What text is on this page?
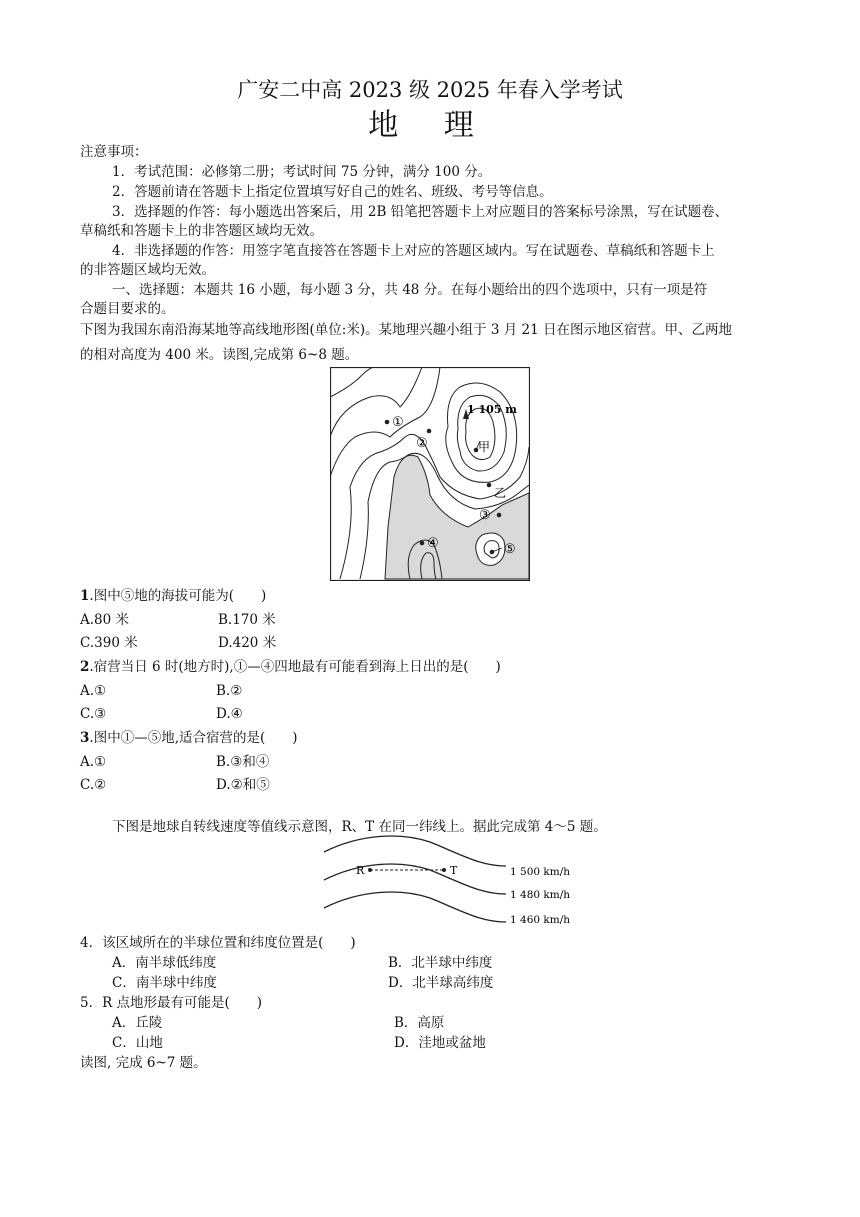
广安二中高 2023 级 2025 年春入学考试
地 理
注意事项：
1．考试范围：必修第二册；考试时间 75 分钟，满分 100 分。
2．答题前请在答题卡上指定位置填写好自己的姓名、班级、考号等信息。
3．选择题的作答：每小题选出答案后，用 2B 铅笔把答题卡上对应题目的答案标号涂黑，写在试题卷、
草稿纸和答题卡上的非答题区域均无效。
4．非选择题的作答：用签字笔直接答在答题卡上对应的答题区域内。写在试题卷、草稿纸和答题卡上
的非答题区域均无效。
一、选择题：本题共 16 小题，每小题 3 分，共 48 分。在每小题给出的四个选项中，只有一项是符
合题目要求的。
下图为我国东南沿海某地等高线地形图(单位:米)。某地理兴趣小组于 3 月 21 日在图示地区宿营。甲、乙两地
的相对高度为 400 米。读图,完成第 6~8 题。
1 105 m
①
②	甲
乙
③
④	⑤
1.图中⑤地的海拔可能为(　　)
A.80 米	B.170 米
C.390 米	D.420 米
2.宿营当日 6 时(地方时),①—④四地最有可能看到海上日出的是(　　)
A.①	B.②
C.③	D.④
3.图中①—⑤地,适合宿营的是(　　)
A.①	B.③和④
C.②	D.②和⑤
下图是地球自转线速度等值线示意图，R、T 在同一纬线上。据此完成第 4～5 题。
R	T	1 500 km/h
1 480 km/h
1 460 km/h
4．该区域所在的半球位置和纬度位置是(　　)
A．南半球低纬度	B．北半球中纬度
C．南半球中纬度	D．北半球高纬度
5．R 点地形最有可能是(　　)
A．丘陵	B．高原
C．山地	D．洼地或盆地
读图, 完成 6~7 题。
